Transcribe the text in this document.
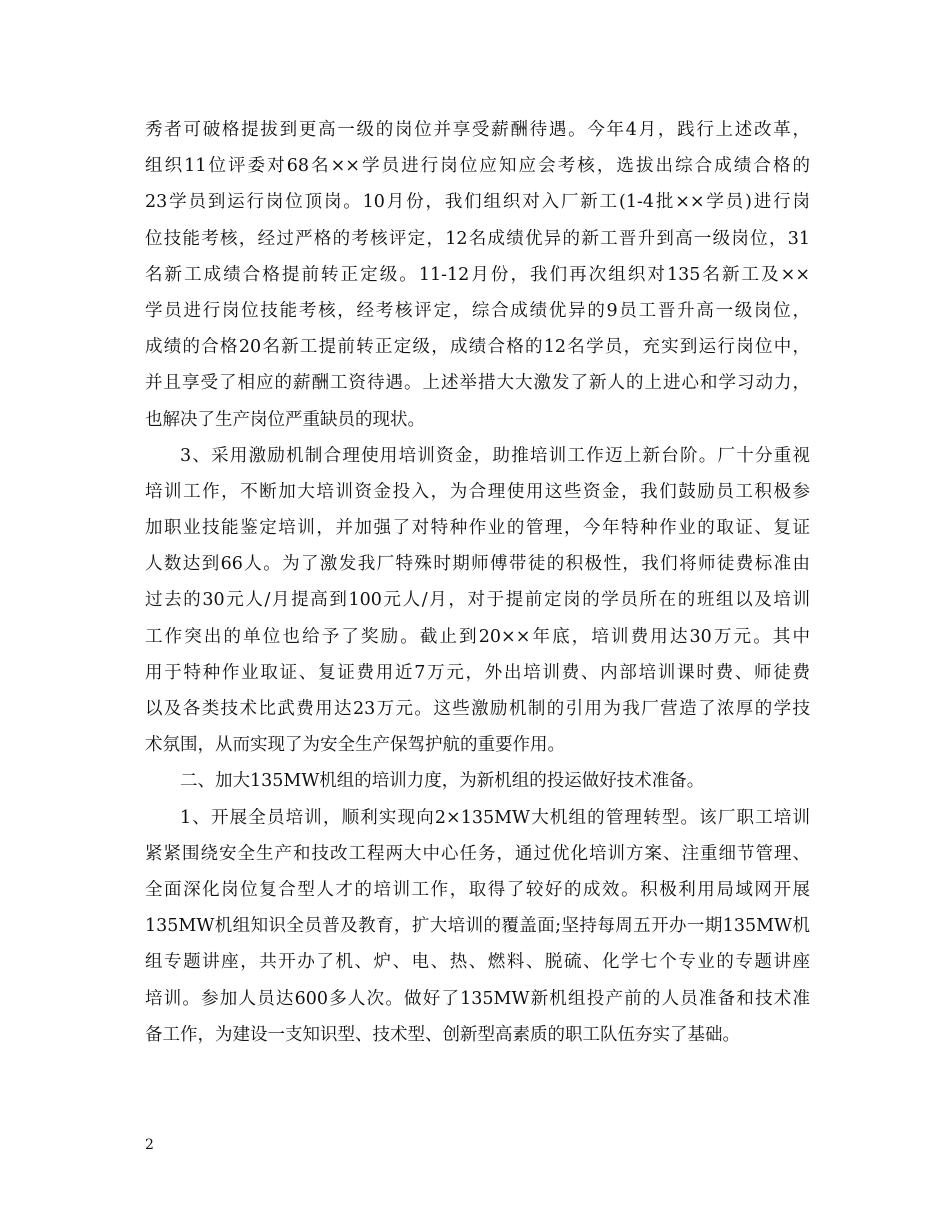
秀者可破格提拔到更高一级的岗位并享受薪酬待遇。今年4月，践行上述改革，
组织11位评委对68名××学员进行岗位应知应会考核，选拔出综合成绩合格的
23学员到运行岗位顶岗。10月份，我们组织对入厂新工(1-4批××学员)进行岗
位技能考核，经过严格的考核评定，12名成绩优异的新工晋升到高一级岗位，31
名新工成绩合格提前转正定级。11-12月份，我们再次组织对135名新工及××
学员进行岗位技能考核，经考核评定，综合成绩优异的9员工晋升高一级岗位，
成绩的合格20名新工提前转正定级，成绩合格的12名学员，充实到运行岗位中，
并且享受了相应的薪酬工资待遇。上述举措大大激发了新人的上进心和学习动力，
也解决了生产岗位严重缺员的现状。
3、采用激励机制合理使用培训资金，助推培训工作迈上新台阶。厂十分重视
培训工作，不断加大培训资金投入，为合理使用这些资金，我们鼓励员工积极参
加职业技能鉴定培训，并加强了对特种作业的管理，今年特种作业的取证、复证
人数达到66人。为了激发我厂特殊时期师傅带徒的积极性，我们将师徒费标准由
过去的30元人/月提高到100元人/月，对于提前定岗的学员所在的班组以及培训
工作突出的单位也给予了奖励。截止到20××年底，培训费用达30万元。其中
用于特种作业取证、复证费用近7万元，外出培训费、内部培训课时费、师徒费
以及各类技术比武费用达23万元。这些激励机制的引用为我厂营造了浓厚的学技
术氛围，从而实现了为安全生产保驾护航的重要作用。
二、加大135MW机组的培训力度，为新机组的投运做好技术准备。
1、开展全员培训，顺利实现向2×135MW大机组的管理转型。该厂职工培训
紧紧围绕安全生产和技改工程两大中心任务，通过优化培训方案、注重细节管理、
全面深化岗位复合型人才的培训工作，取得了较好的成效。积极利用局域网开展
135MW机组知识全员普及教育，扩大培训的覆盖面;坚持每周五开办一期135MW机
组专题讲座，共开办了机、炉、电、热、燃料、脱硫、化学七个专业的专题讲座
培训。参加人员达600多人次。做好了135MW新机组投产前的人员准备和技术准
备工作，为建设一支知识型、技术型、创新型高素质的职工队伍夯实了基础。
2
